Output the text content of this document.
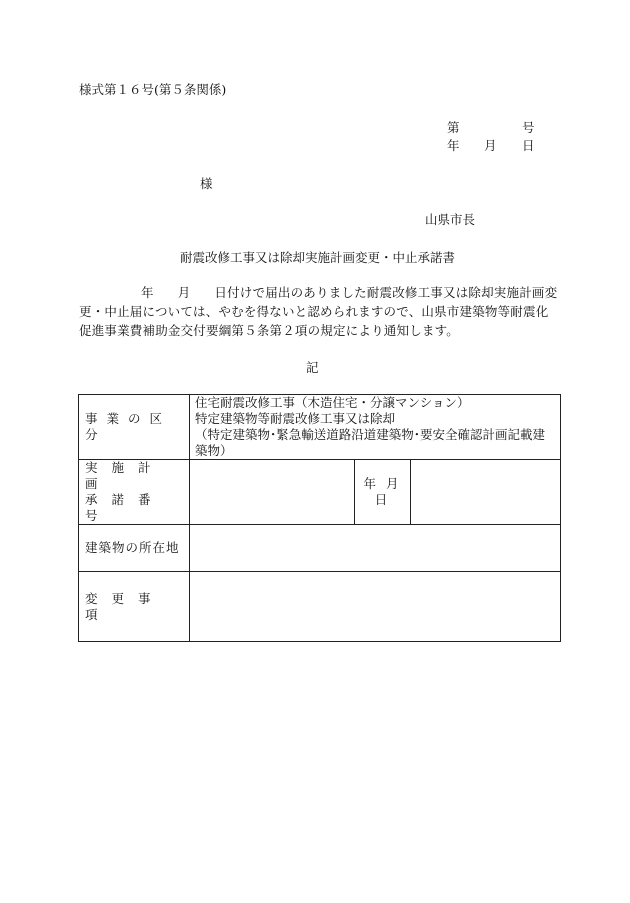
様式第１６号(第５条関係)
第	号
年 月 日
様
山県市長
耐震改修工事又は除却実施計画変更・中止承諾書
年 月 日付けで届出のありました耐震改修工事又は除却実施計画変更・中止届については、やむを得ないと認められますので、山県市建築物等耐震化促進事業費補助金交付要綱第５条第２項の規定により通知します。
記
事業の区分	住宅耐震改修工事（木造住宅・分譲マンション）
特定建築物等耐震改修工事又は除却
（特定建築物･緊急輸送道路沿道建築物･要安全確認計画記載建築物）		

実施計画
承諾番号		年 月 日	
建築物の所在地			
変更事項			
